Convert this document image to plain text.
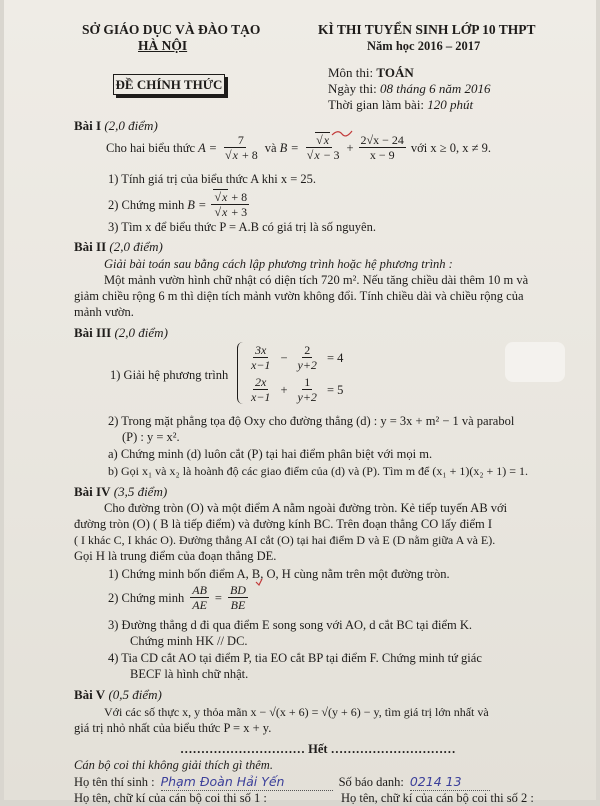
SỞ GIÁO DỤC VÀ ĐÀO TẠO
HÀ NỘI
ĐỀ CHÍNH THỨC
KÌ THI TUYỂN SINH LỚP 10 THPT
Năm học 2016 – 2017
Môn thi: TOÁN
Ngày thi: 08 tháng 6 năm 2016
Thời gian làm bài: 120 phút
Bài I (2,0 điểm)
Cho hai biểu thức A = 7
√ x + 8 và B = √ x
√ $x - 3 + \frac{2√x - 24}{x - 9}$ với x ≥ 0, x ≠ 9.
1) Tính giá trị của biểu thức A khi x = 25.
2) Chứng minh B = √ x + 8
√ x + 3
3) Tìm x để biểu thức P = A.B có giá trị là số nguyên.
Bài II (2,0 điểm)
Giải bài toán sau bằng cách lập phương trình hoặc hệ phương trình :
Một mảnh vườn hình chữ nhật có diện tích 720 m². Nếu tăng chiều dài thêm 10 m và
giảm chiều rộng 6 m thì diện tích mảnh vườn không đổi. Tính chiều dài và chiều rộng của
mảnh vườn.
Bài III (2,0 điểm)
1) Giải hệ phương trình
$\frac{3x}{x-1} - \frac{2}{y+2} = 4$
$\frac{2x}{x-1} + \frac{1}{y+2} = 5$
2) Trong mặt phẳng tọa độ Oxy cho đường thẳng (d) : y = 3x + m² − 1 và parabol
(P) : y = x².
a) Chứng minh (d) luôn cắt (P) tại hai điểm phân biệt với mọi m.
b) Gọi x₁ và x₂ là hoành độ các giao điểm của (d) và (P). Tìm m để (x₁ + 1)(x₂ + 1) = 1.
Bài IV (3,5 điểm)
Cho đường tròn (O) và một điểm A nằm ngoài đường tròn. Kẻ tiếp tuyến AB với
đường tròn (O) ( B là tiếp điểm) và đường kính BC. Trên đoạn thẳng CO lấy điểm I
( I khác C, I khác O). Đường thẳng AI cắt (O) tại hai điểm D và E (D nằm giữa A và E).
Gọi H là trung điểm của đoạn thẳng DE.
1) Chứng minh bốn điểm A, B, O, H cùng nằm trên một đường tròn.
2) Chứng minh $\frac{AB}{AE} = \frac{BD}{BE}$
3) Đường thẳng d đi qua điểm E song song với AO, d cắt BC tại điểm K.
Chứng minh HK // DC.
4) Tia CD cắt AO tại điểm P, tia EO cắt BP tại điểm F. Chứng minh tứ giác
BECF là hình chữ nhật.
Bài V (0,5 điểm)
Với các số thực x, y thỏa mãn x − √(x + 6) = √(y + 6) − y, tìm giá trị lớn nhất và
giá trị nhỏ nhất của biểu thức P = x + y.
………………………… Hết …………………………
Cán bộ coi thi không giải thích gì thêm.
Họ tên thí sinh : Phạm Đoàn Hải Yến	Số báo danh: 0214 13
Họ tên, chữ kí của cán bộ coi thi số 1 :	Họ tên, chữ kí của cán bộ coi thi số 2 :
